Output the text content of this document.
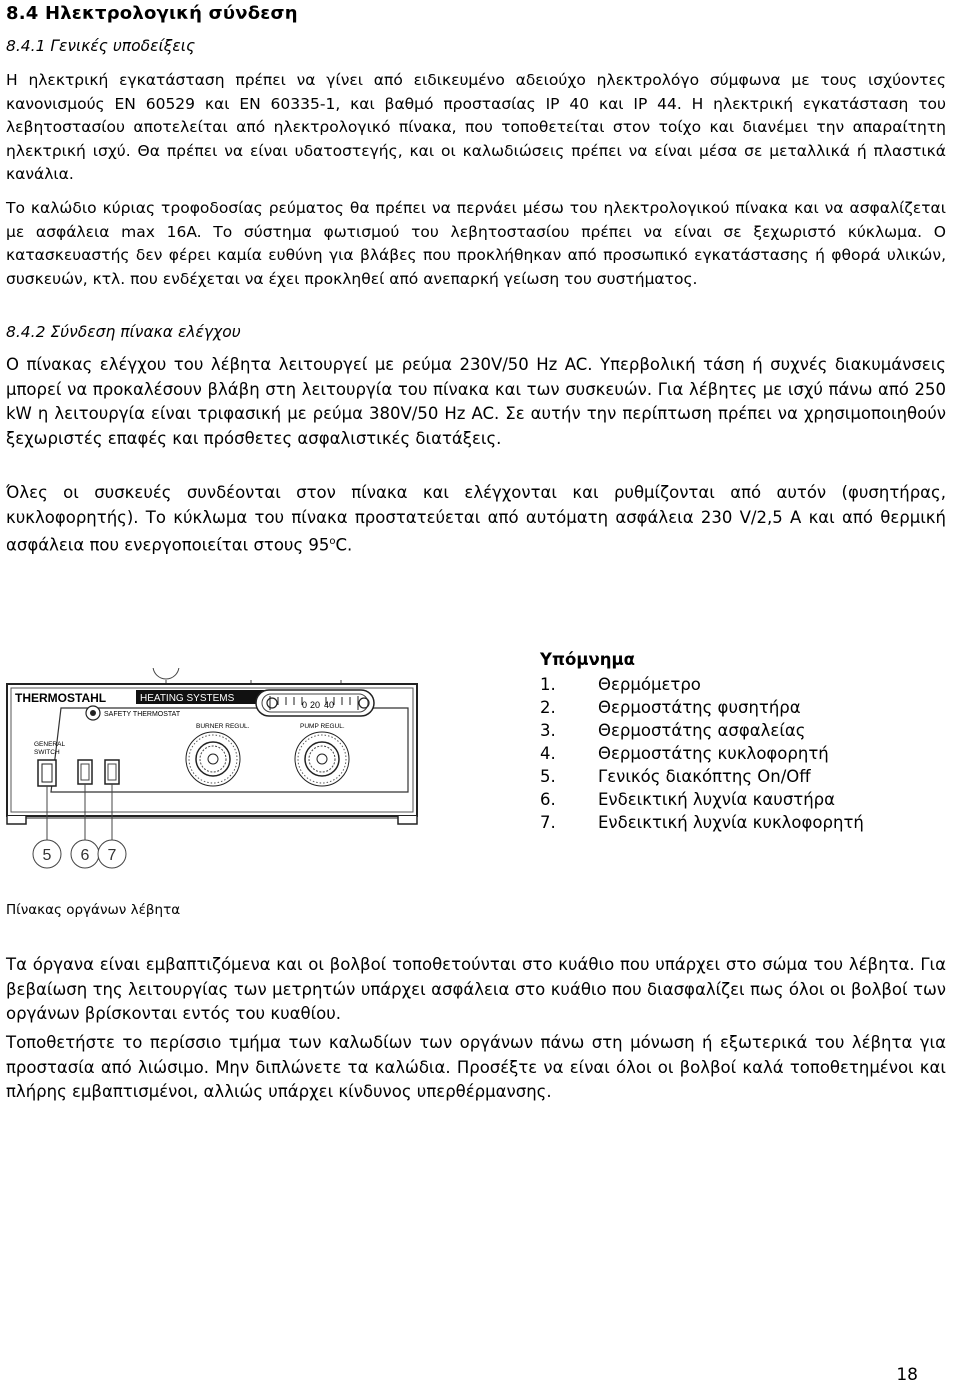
8.4 Ηλεκτρολογική σύνδεση
8.4.1 Γενικές υποδείξεις
Η ηλεκτρική εγκατάσταση πρέπει να γίνει από ειδικευμένο αδειούχο ηλεκτρολόγο σύμφωνα με τους ισχύοντες κανονισμούς EN 60529 και EN 60335-1, και βαθμό προστασίας IP 40 και IP 44. Η ηλεκτρική εγκατάσταση του λεβητοστασίου αποτελείται από ηλεκτρολογικό πίνακα, που τοποθετείται στον τοίχο και διανέμει την απαραίτητη ηλεκτρική ισχύ. Θα πρέπει να είναι υδατοστεγής, και οι καλωδιώσεις πρέπει να είναι μέσα σε μεταλλικά ή πλαστικά κανάλια.
Το καλώδιο κύριας τροφοδοσίας ρεύματος θα πρέπει να περνάει μέσω του ηλεκτρολογικού πίνακα και να ασφαλίζεται με ασφάλεια max 16A. Το σύστημα φωτισμού του λεβητοστασίου πρέπει να είναι σε ξεχωριστό κύκλωμα. Ο κατασκευαστής δεν φέρει καμία ευθύνη για βλάβες που προκλήθηκαν από προσωπικό εγκατάστασης ή φθορά υλικών, συσκευών, κτλ. που ενδέχεται να έχει προκληθεί από ανεπαρκή γείωση του συστήματος.
8.4.2 Σύνδεση πίνακα ελέγχου
Ο πίνακας ελέγχου του λέβητα λειτουργεί με ρεύμα 230V/50 Hz AC. Υπερβολική τάση ή συχνές διακυμάνσεις μπορεί να προκαλέσουν βλάβη στη λειτουργία του πίνακα και των συσκευών. Για λέβητες με ισχύ πάνω από 250 kW η λειτουργία είναι τριφασική με ρεύμα 380V/50 Hz AC. Σε αυτήν την περίπτωση πρέπει να χρησιμοποιηθούν ξεχωριστές επαφές και πρόσθετες ασφαλιστικές διατάξεις.
Όλες οι συσκευές συνδέονται στον πίνακα και ελέγχονται και ρυθμίζονται από αυτόν (φυσητήρας, κυκλοφορητής). Το κύκλωμα του πίνακα προστατεύεται από αυτόματη ασφάλεια 230 V/2,5 A και από θερμική ασφάλεια που ενεργοποιείται στους 95$^o$C.
THERMOSTAHL	HEATING SYSTEMS
0 20 40
SAFETY THERMOSTAT
BURNER REGUL.	PUMP REGUL.
GENERAL
SWITCH
5 6 7
Υπόμνημα
1.	Θερμόμετρο
2.	Θερμοστάτης φυσητήρα
3.	Θερμοστάτης ασφαλείας
4.	Θερμοστάτης κυκλοφορητή
5.	Γενικός διακόπτης On/Off
6.	Ενδεικτική λυχνία καυστήρα
7.	Ενδεικτική λυχνία κυκλοφορητή
Πίνακας οργάνων λέβητα
Τα όργανα είναι εμβαπτιζόμενα και οι βολβοί τοποθετούνται στο κυάθιο που υπάρχει στο σώμα του λέβητα. Για βεβαίωση της λειτουργίας των μετρητών υπάρχει ασφάλεια στο κυάθιο που διασφαλίζει πως όλοι οι βολβοί των οργάνων βρίσκονται εντός του κυαθίου.
Τοποθετήστε το περίσσιο τμήμα των καλωδίων των οργάνων πάνω στη μόνωση ή εξωτερικά του λέβητα για προστασία από λιώσιμο. Μην διπλώνετε τα καλώδια. Προσέξτε να είναι όλοι οι βολβοί καλά τοποθετημένοι και πλήρης εμβαπτισμένοι, αλλιώς υπάρχει κίνδυνος υπερθέρμανσης.
18
